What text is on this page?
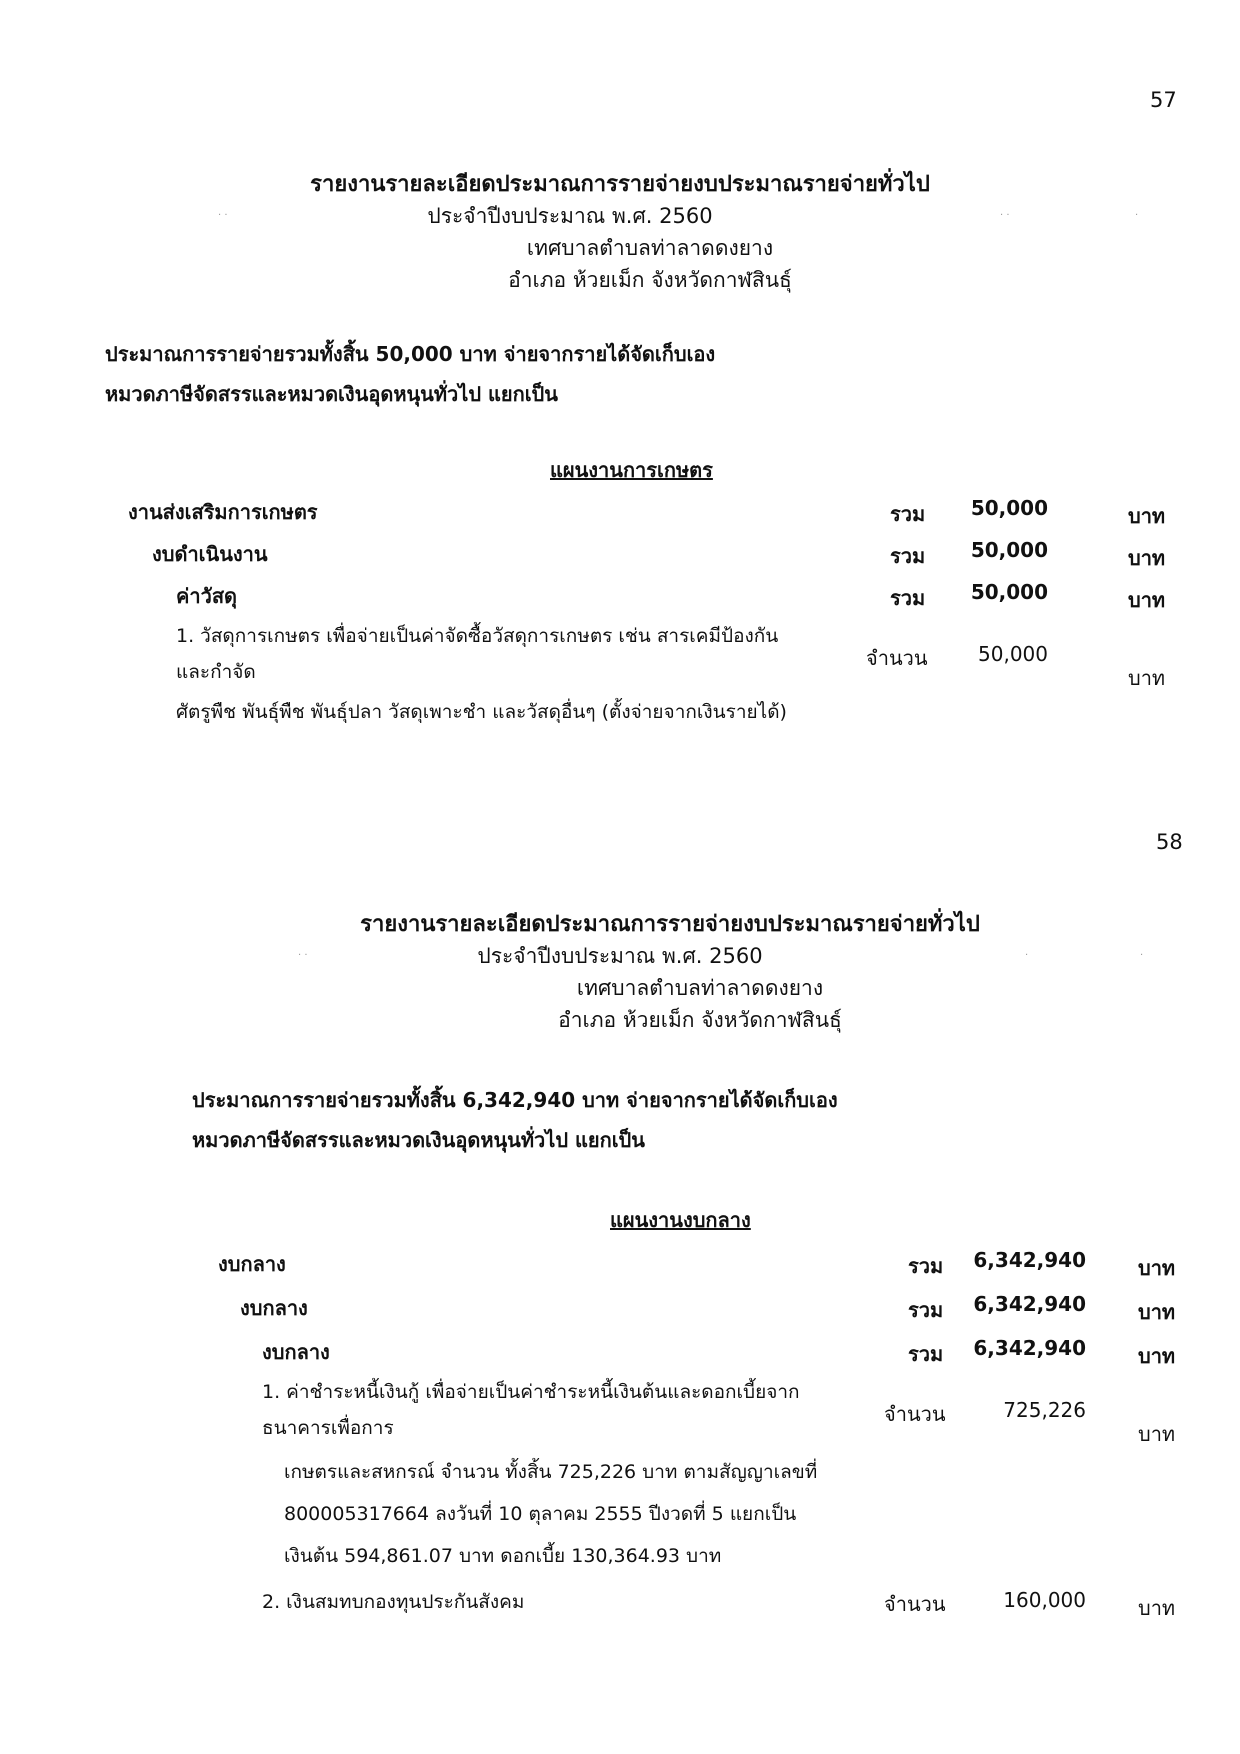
57
รายงานรายละเอียดประมาณการรายจ่ายงบประมาณรายจ่ายทั่วไป
ประจำปีงบประมาณ พ.ศ. 2560
เทศบาลตำบลท่าลาดดงยาง
อำเภอ ห้วยเม็ก จังหวัดกาฬสินธุ์
· ·	· ·	·
ประมาณการรายจ่ายรวมทั้งสิ้น 50,000 บาท จ่ายจากรายได้จัดเก็บเอง
หมวดภาษีจัดสรรและหมวดเงินอุดหนุนทั่วไป แยกเป็น
แผนงานการเกษตร
งานส่งเสริมการเกษตร	รวม	50,000	บาท
งบดำเนินงาน	รวม	50,000	บาท
ค่าวัสดุ	รวม	50,000	บาท
1. วัสดุการเกษตร เพื่อจ่ายเป็นค่าจัดซื้อวัสดุการเกษตร เช่น สารเคมีป้องกัน
และกำจัด
ศัตรูพืช พันธุ์พืช พันธุ์ปลา วัสดุเพาะชำ และวัสดุอื่นๆ (ตั้งจ่ายจากเงินรายได้)
จำนวน	50,000
บาท
58
รายงานรายละเอียดประมาณการรายจ่ายงบประมาณรายจ่ายทั่วไป
ประจำปีงบประมาณ พ.ศ. 2560
เทศบาลตำบลท่าลาดดงยาง
อำเภอ ห้วยเม็ก จังหวัดกาฬสินธุ์
· ·	·	·
ประมาณการรายจ่ายรวมทั้งสิ้น 6,342,940 บาท จ่ายจากรายได้จัดเก็บเอง
หมวดภาษีจัดสรรและหมวดเงินอุดหนุนทั่วไป แยกเป็น
แผนงานงบกลาง
งบกลาง	รวม	6,342,940	บาท
งบกลาง	รวม	6,342,940	บาท
งบกลาง	รวม	6,342,940	บาท
1. ค่าชำระหนี้เงินกู้ เพื่อจ่ายเป็นค่าชำระหนี้เงินต้นและดอกเบี้ยจาก
ธนาคารเพื่อการ
เกษตรและสหกรณ์ จำนวน ทั้งสิ้น 725,226 บาท ตามสัญญาเลขที่
800005317664 ลงวันที่ 10 ตุลาคม 2555 ปีงวดที่ 5 แยกเป็น
เงินต้น 594,861.07 บาท ดอกเบี้ย 130,364.93 บาท
จำนวน	725,226
บาท
2. เงินสมทบกองทุนประกันสังคม	จำนวน	160,000	บาท
